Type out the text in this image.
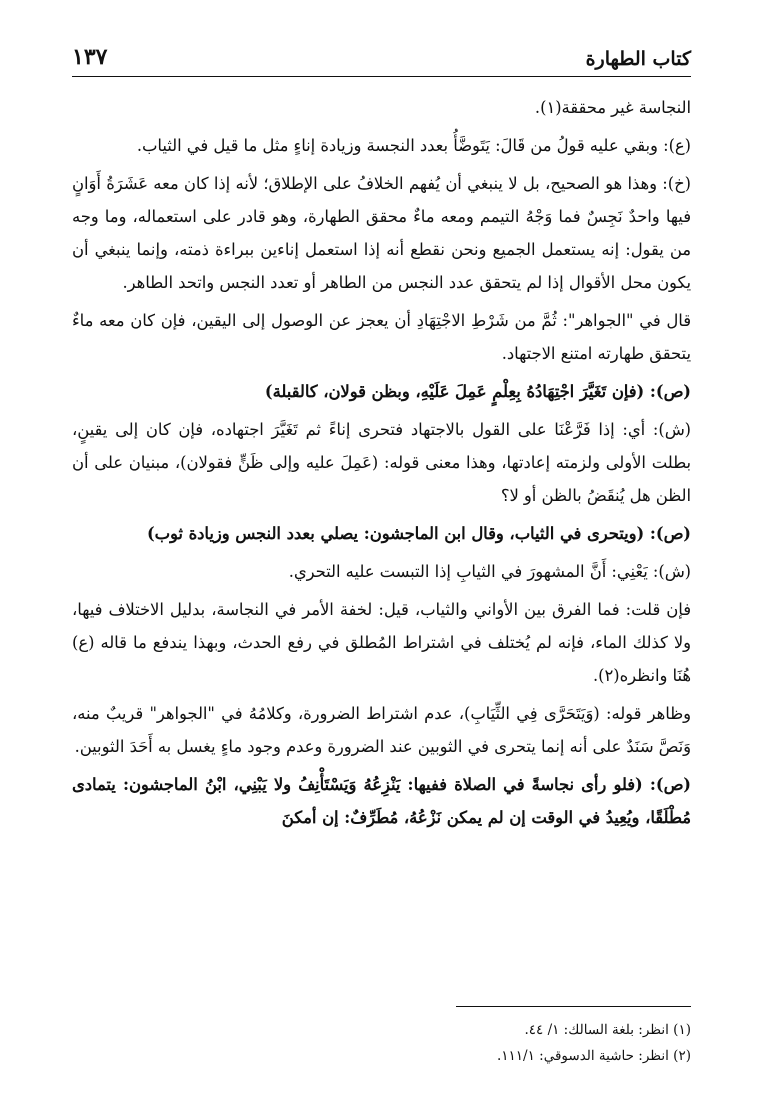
كتاب الطهارة
١٣٧

النجاسة غير محققة(١).

(ع): وبقي عليه قولُ من قَالَ: يَتَوضَّأُ بعدد النجسة وزيادة إناءٍ مثل ما قيل في الثياب.

(خ): وهذا هو الصحيح، بل لا ينبغي أن يُفهم الخلافُ على الإطلاق؛ لأنه إذا كان معه عَشَرَةُ أَوَانٍ فيها واحدٌ نَجِسٌ فما وَجْهُ التيمم ومعه ماءٌ محقق الطهارة، وهو قادر على استعماله، وما وجه من يقول: إنه يستعمل الجميع ونحن نقطع أنه إذا استعمل إناءين ببراءة ذمته، وإنما ينبغي أن يكون محل الأقوال إذا لم يتحقق عدد النجس من الطاهر أو تعدد النجس واتحد الطاهر.

قال في "الجواهر": ثُمَّ من شَرْطِ الاجْتِهَادِ أن يعجز عن الوصول إلى اليقين، فإن كان معه ماءٌ يتحقق طهارته امتنع الاجتهاد.

(ص): (فإن تَغَيَّرَ اجْتِهَادُهُ بِعِلْمٍ عَمِلَ عَلَيْهِ، وبظن قولان، كالقبلة)

(ش): أي: إذا فَرَّعْنَا على القول بالاجتهاد فتحرى إناءً ثم تَغَيَّرَ اجتهاده، فإن كان إلى يقينٍ، بطلت الأولى ولزمته إعادتها، وهذا معنى قوله: (عَمِلَ عليه وإلى ظَنٍّ فقولان)، مبنيان على أن الظن هل يُنقَضُ بالظن أو لا؟

(ص): (ويتحرى في الثياب، وقال ابن الماجشون: يصلي بعدد النجس وزيادة ثوب)

(ش): يَعْنِي: أَنَّ المشهورَ في الثيابِ إذا التبست عليه التحري.

فإن قلت: فما الفرق بين الأواني والثياب، قيل: لخفة الأمر في النجاسة، بدليل الاختلاف فيها، ولا كذلك الماء، فإنه لم يُختلف في اشتراط المُطلق في رفع الحدث، وبهذا يندفع ما قاله (ع) هُنَا وانظره(٢).

وظاهر قوله: (وَيَتَحَرَّى فِي الثِّيَابِ)، عدم اشتراط الضرورة، وكلامُهُ في "الجواهر" قريبٌ منه، وَنَصَّ سَنَدٌ على أنه إنما يتحرى في الثوبين عند الضرورة وعدم وجود ماءٍ يغسل به أَحَدَ الثوبين.

(ص): (فلو رأى نجاسةً في الصلاة ففيها: يَنْزِعُهُ وَيَسْتَأْنِفُ ولا يَبْنِي، ابْنُ الماجشون: يتمادى مُطْلَقًا، ويُعِيدُ في الوقت إن لم يمكن نَزْعُهُ، مُطَرِّفٌ: إن أمكنَ

(١) انظر: بلغة السالك: ١/ ٤٤.

(٢) انظر: حاشية الدسوقي: ١١١/١.
